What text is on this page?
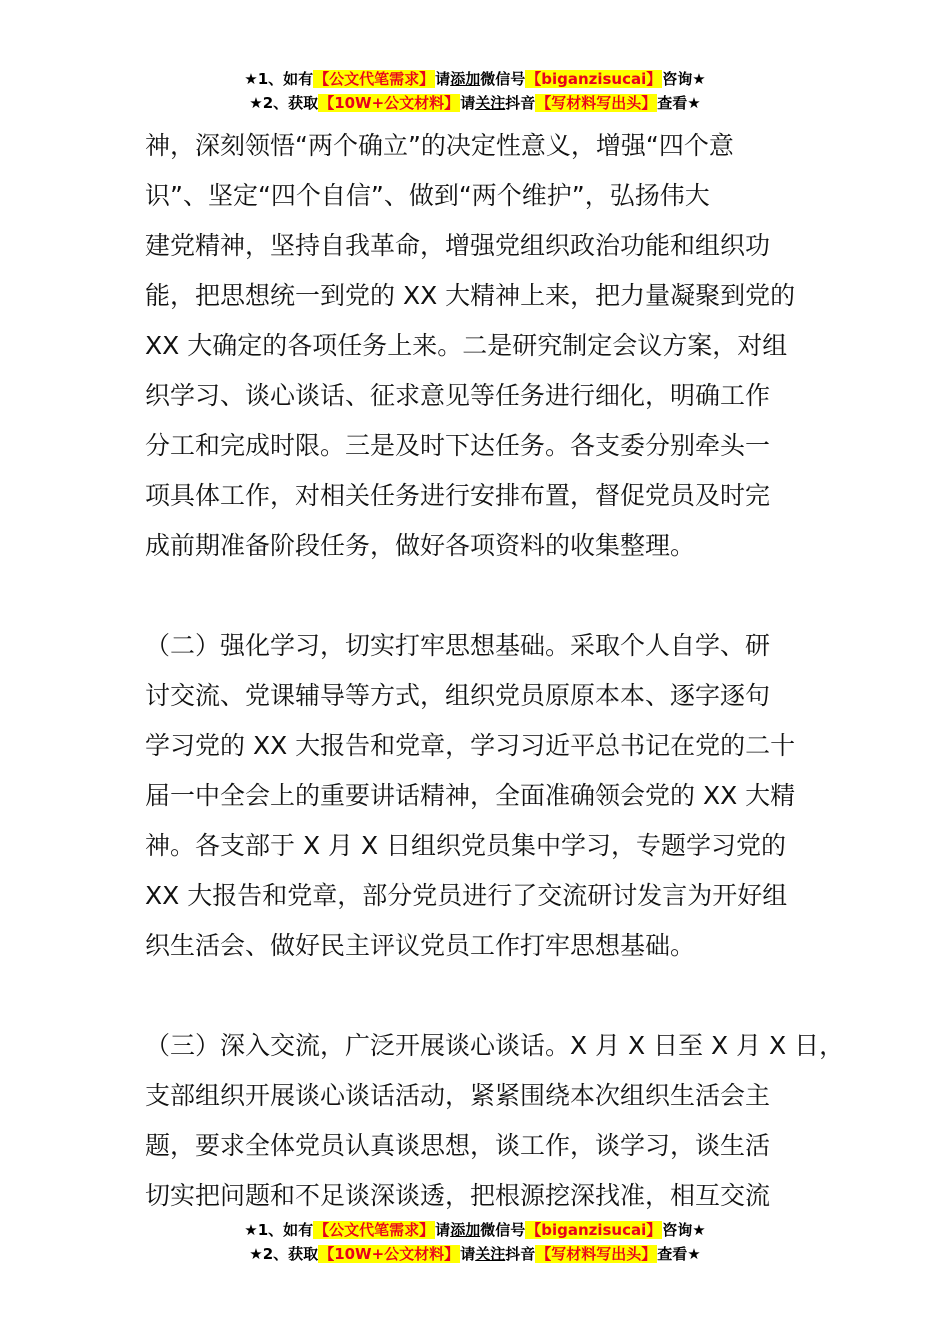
★1、如有【公文代笔需求】请添加微信号【biganzisucai】咨询★
★2、获取【10W+公文材料】请关注抖音【写材料写出头】查看★
神，深刻领悟“两个确立”的决定性意义，增强“四个意
识”、坚定“四个自信”、做到“两个维护”，弘扬伟大
建党精神，坚持自我革命，增强党组织政治功能和组织功
能，把思想统一到党的 XX 大精神上来，把力量凝聚到党的
XX 大确定的各项任务上来。二是研究制定会议方案，对组
织学习、谈心谈话、征求意见等任务进行细化，明确工作
分工和完成时限。三是及时下达任务。各支委分别牵头一
项具体工作，对相关任务进行安排布置，督促党员及时完
成前期准备阶段任务，做好各项资料的收集整理。
（二）强化学习，切实打牢思想基础。采取个人自学、研
讨交流、党课辅导等方式，组织党员原原本本、逐字逐句
学习党的 XX 大报告和党章，学习习近平总书记在党的二十
届一中全会上的重要讲话精神，全面准确领会党的 XX 大精
神。各支部于 X 月 X 日组织党员集中学习，专题学习党的
XX 大报告和党章，部分党员进行了交流研讨发言为开好组
织生活会、做好民主评议党员工作打牢思想基础。
（三）深入交流，广泛开展谈心谈话。X 月 X 日至 X 月 X 日，
支部组织开展谈心谈话活动，紧紧围绕本次组织生活会主
题，要求全体党员认真谈思想，谈工作，谈学习，谈生活
切实把问题和不足谈深谈透，把根源挖深找准，相互交流
★1、如有【公文代笔需求】请添加微信号【biganzisucai】咨询★
★2、获取【10W+公文材料】请关注抖音【写材料写出头】查看★
